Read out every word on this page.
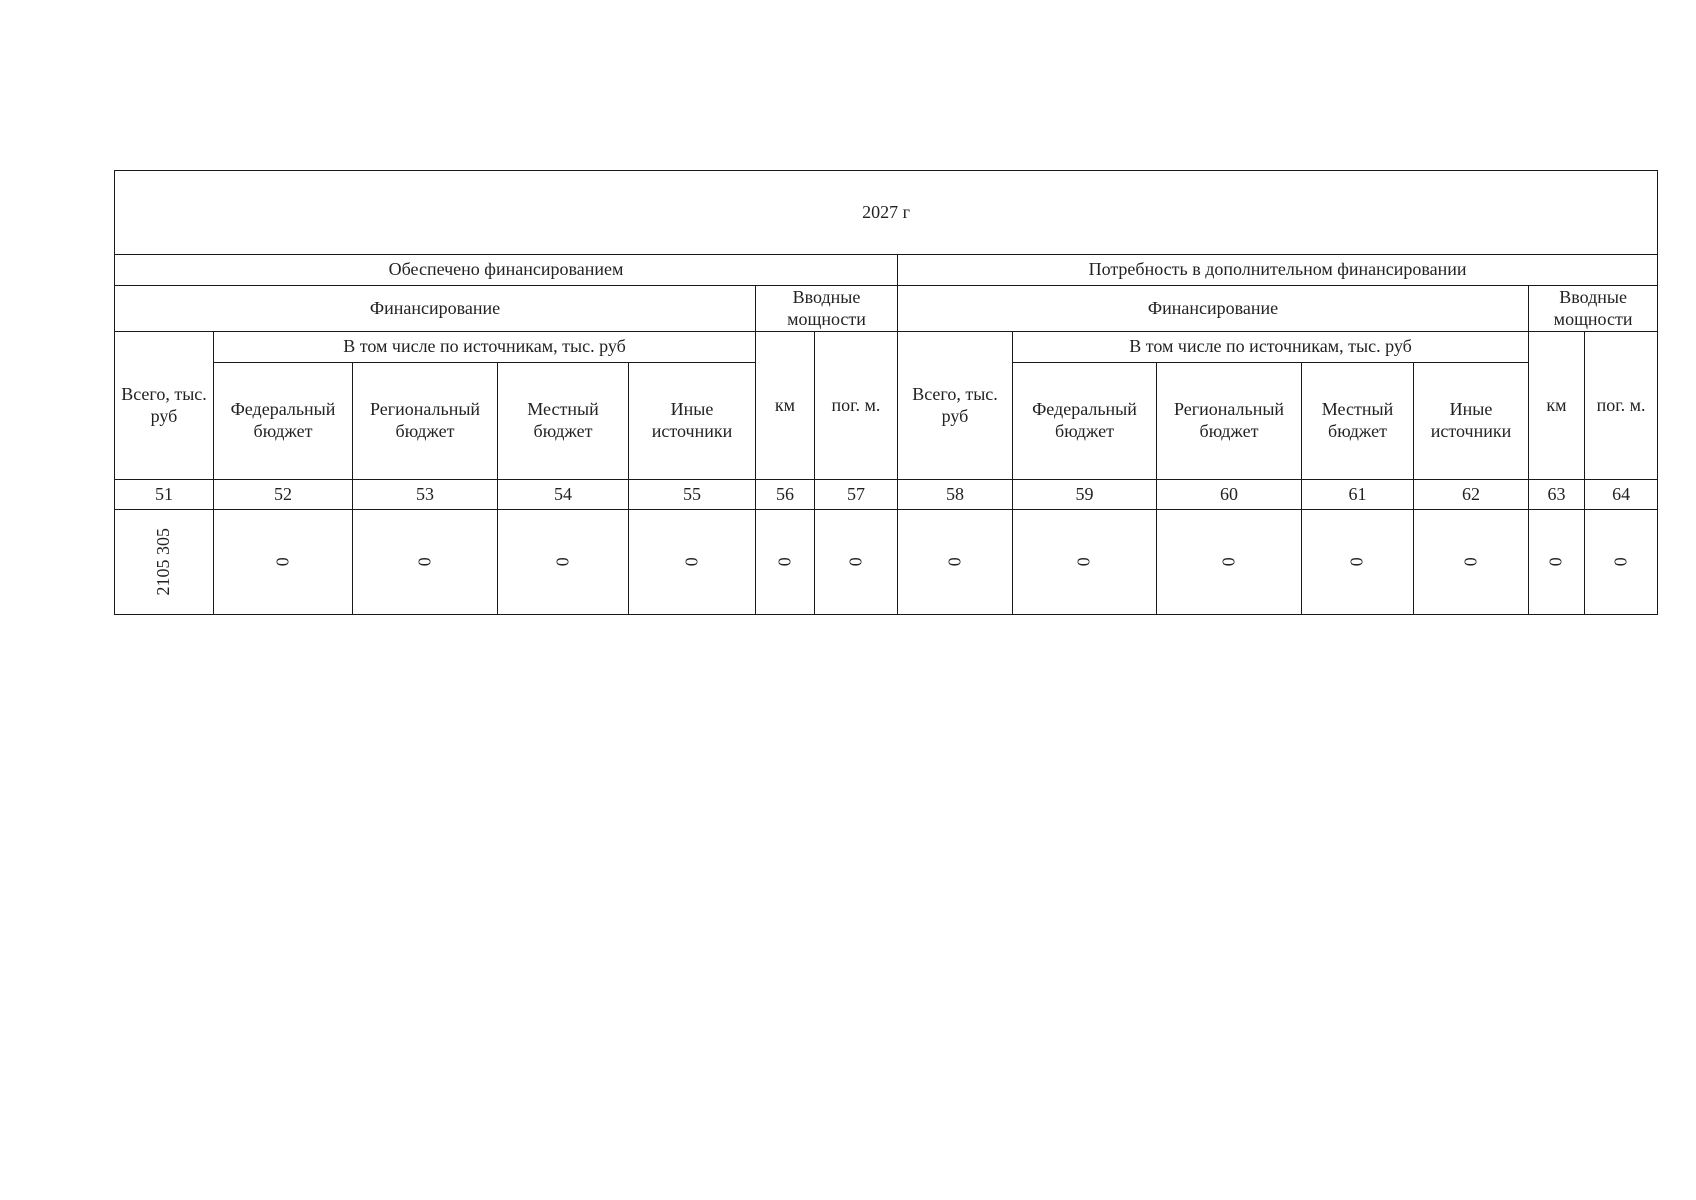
2027 г													
Обеспечено финансированием							Потребность в дополнительном финансировании						
Финансирование					Вводные мощности		Финансирование					Вводные мощности	
Всего, тыс. руб	В том числе по источникам, тыс. руб				км	пог. м.	Всего, тыс. руб	В том числе по источникам, тыс. руб				км	пог. м.
	Федеральный бюджет	Региональный бюджет	Местный бюджет	Иные источники				Федеральный бюджет	Региональный бюджет	Местный бюджет	Иные источники		
51	52	53	54	55	56	57	58	59	60	61	62	63	64
2105 305	0	0	0	0	0	0	0	0	0	0	0	0	0
